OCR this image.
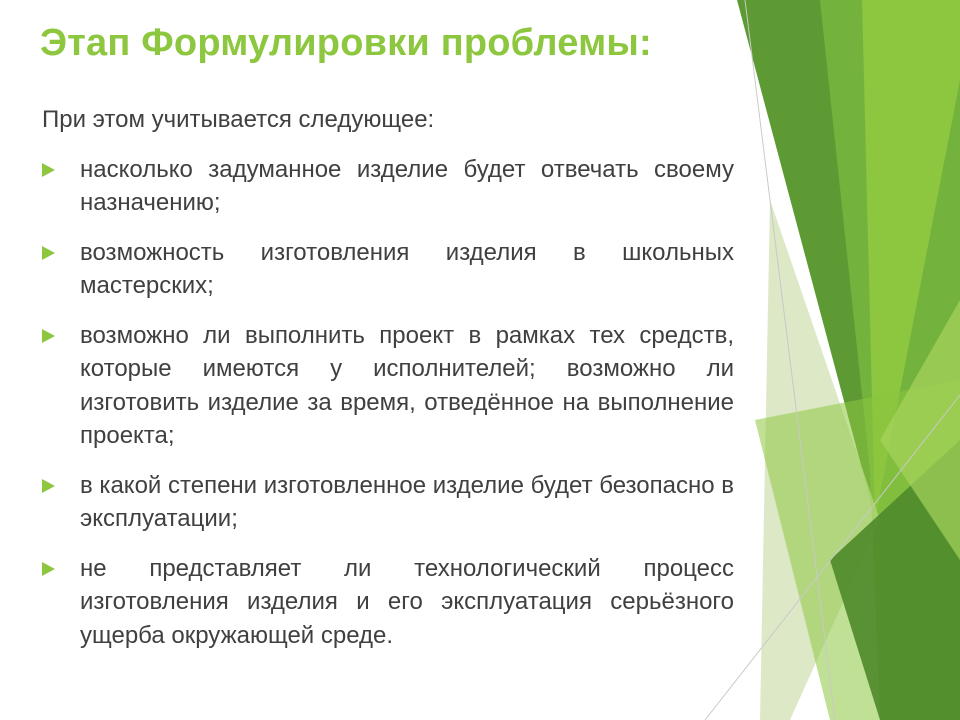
Этап Формулировки проблемы:

При этом учитывается следующее:

насколько задуманное изделие будет отвечать своему назначению;
возможность изготовления изделия в школьных мастерских;
возможно ли выполнить проект в рамках тех средств, которые имеются у исполнителей; возможно ли изготовить изделие за время, отведённое на выполнение проекта;
в какой степени изготовленное изделие будет безопасно в эксплуатации;
не представляет ли технологический процесс изготовления изделия и его эксплуатация серьёзного ущерба окружающей среде.
